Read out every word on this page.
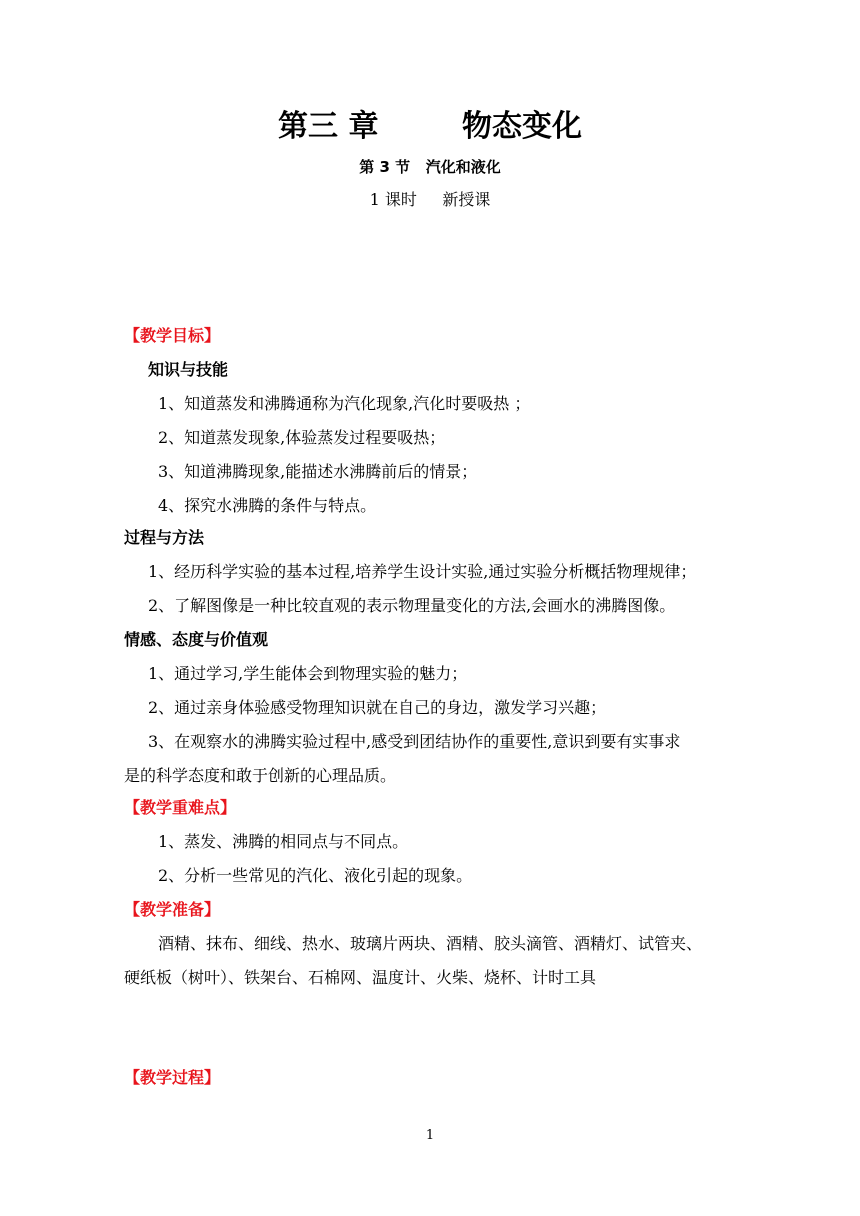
第三 章        物态变化
第 3 节   汽化和液化
1 课时     新授课
【教学目标】
知识与技能
1、知道蒸发和沸腾通称为汽化现象,汽化时要吸热 ；
2、知道蒸发现象,体验蒸发过程要吸热；
3、知道沸腾现象,能描述水沸腾前后的情景；
4、探究水沸腾的条件与特点。
过程与方法
1、经历科学实验的基本过程,培养学生设计实验,通过实验分析概括物理规律；
2、了解图像是一种比较直观的表示物理量变化的方法,会画水的沸腾图像。
情感、态度与价值观
1、通过学习,学生能体会到物理实验的魅力；
2、通过亲身体验感受物理知识就在自己的身边，激发学习兴趣；
3、在观察水的沸腾实验过程中,感受到团结协作的重要性,意识到要有实事求
是的科学态度和敢于创新的心理品质。
【教学重难点】
1、蒸发、沸腾的相同点与不同点。
2、分析一些常见的汽化、液化引起的现象。
【教学准备】
酒精、抹布、细线、热水、玻璃片两块、酒精、胶头滴管、酒精灯、试管夹、
硬纸板（树叶）、铁架台、石棉网、温度计、火柴、烧杯、计时工具
【教学过程】
1
